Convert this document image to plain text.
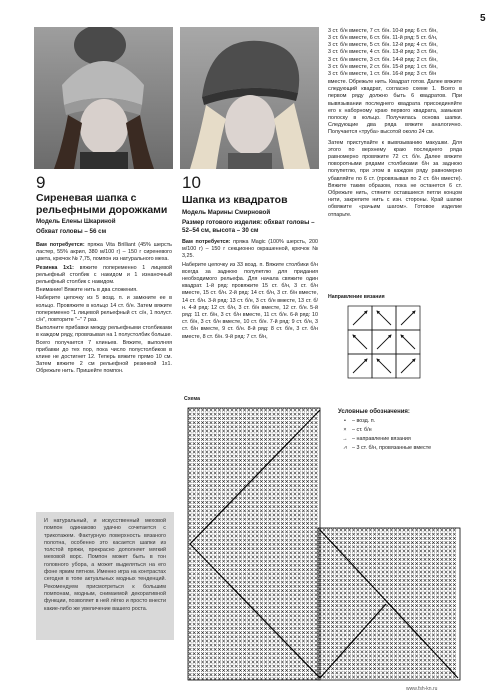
5
9
Сиреневая шапка с рельефными дорожками
Модель Елены Шкариной
Обхват головы – 56 см

Вам потребуется: пряжа Vita Brilliant (45% шерсть ластер, 55% акрил, 380 м/100 г) – 150 г сиреневого цвета, крючок № 7,75, помпон из натурального меха.

Резинка 1х1: вяжите попеременно 1 лицевой рельефный столбик с накидом и 1 изнаночный рельефный столбик с накидом.

Внимание! Вяжите нить в два сложения.

Наберите цепочку из 5 возд. п. и замкните ее в кольцо. Провяжите в кольцо 14 ст. б/н. Затем вяжите попеременно "1 лицевой рельефный ст. с/н, 1 полуст. с/н", повторите "–" 7 раз.

Выполните прибавки между рельефными столбиками в каждом ряду, провязывая на 1 полустолбик больше. Всего получается 7 клиньев. Вяжите, выполняя прибавки до тех пор, пока число полустолбиков в клине не достигнет 12. Теперь вяжите прямо 10 см. Затем вяжите 2 см рельефной резинкой 1х1. Обрежьте нить. Пришейте помпон.

И натуральный, и искусственный меховой помпон одинаково удачно сочетается с трикотажем. Фактурную поверхность вязаного полотна, особенно это касается шапки из толстой пряжи, прекрасно дополняет мягкий меховой ворс. Помпон может быть в тон головного убора, а может выделяться на его фоне ярким пятном. Именно игра на контрастах сегодня в топе актуальных модных тенденций. Рекомендуем присмотреться к большим помпонам, модным, снимаемой декоративной функции, позволяет в ней лёгко и просто внести какие-либо же увеличение вашего роста.
10
Шапка из квадратов
Модель Марины Смирновой
Размер готового изделия: обхват головы – 52–54 см, высота – 30 см

Вам потребуется: пряжа Magic (100% шерсть, 200 м/100 г) – 150 г секционно окрашенной, крючок № 3,25.

Наберите цепочку из 33 возд. п. Вяжите столбики б/н всегда за заднюю полупетлю для придания необходимого рельефа. Для начала свяжите один квадрат. 1-й ряд: провяжите 15 ст. б/н, 3 ст. б/н вместе, 15 ст. б/н. 2-й ряд: 14 ст. б/н, 3 ст. б/н вместе, 14 ст. б/н. 3-й ряд: 13 ст. б/н, 3 ст. б/н вместе, 13 ст. б/н. 4-й ряд: 12 ст. б/н, 3 ст. б/н вместе, 12 ст. б/н. 5-й ряд: 11 ст. б/н, 3 ст. б/н вместе, 11 ст. б/н. 6-й ряд: 10 ст. б/н, 3 ст. б/н вместе, 10 ст. б/н. 7-й ряд: 9 ст. б/н, 3 ст. б/н вместе, 9 ст. б/н. 8-й ряд: 8 ст. б/н, 3 ст. б/н вместе, 8 ст. б/н. 9-й ряд: 7 ст. б/н,

3 ст. б/н вместе, 7 ст. б/н. 10-й ряд: 6 ст. б/н,
3 ст. б/н вместе, 6 ст. б/н. 11-й ряд: 5 ст. б/н,
3 ст. б/н вместе, 5 ст. б/н. 12-й ряд: 4 ст. б/н,
3 ст. б/н вместе, 4 ст. б/н. 13-й ряд: 3 ст. б/н,
3 ст. б/н вместе, 3 ст. б/н. 14-й ряд: 2 ст. б/н,
3 ст. б/н вместе, 2 ст. б/н. 15-й ряд: 1 ст. б/н,
3 ст. б/н вместе, 1 ст. б/н. 16-й ряд: 3 ст. б/н

вместе. Обрежьте нить. Квадрат готов. Далее вяжите следующий квадрат, согласно схеме 1. Всего в первом ряду должно быть 6 квадратов. При вывязывании последнего квадрата присоединяйте его к наборному краю первого квадрата, замыкая полоску в кольцо. Получилась основа шапки. Следующие два ряда вяжите аналогично. Получается «труба» высотой около 24 см.

Затем приступайте к вывязыванию макушки. Для этого по верхнему краю последнего ряда равномерно провяжите 72 ст. б/н. Далее вяжите поворотными рядами столбиками б/н за заднюю полупетлю, при этом в каждом ряду равномерно убавляйте по 6 ст. (провязывая по 2 ст. б/н вместе). Вяжите таким образом, пока не останется 6 ст. Обрежьте нить, стяните оставшиеся петли концом нити, закрепите нить с изн. стороны. Край шапки обвяжите «рачьим шагом». Готовое изделие отпарьте.

Направление вязания
Схема
Условные обозначения:
• – возд. п.
× – ст. б/н
→ – направление вязания
⩘ – 3 ст. б/н, провязанные вместе
www.fsh-kn.ru
